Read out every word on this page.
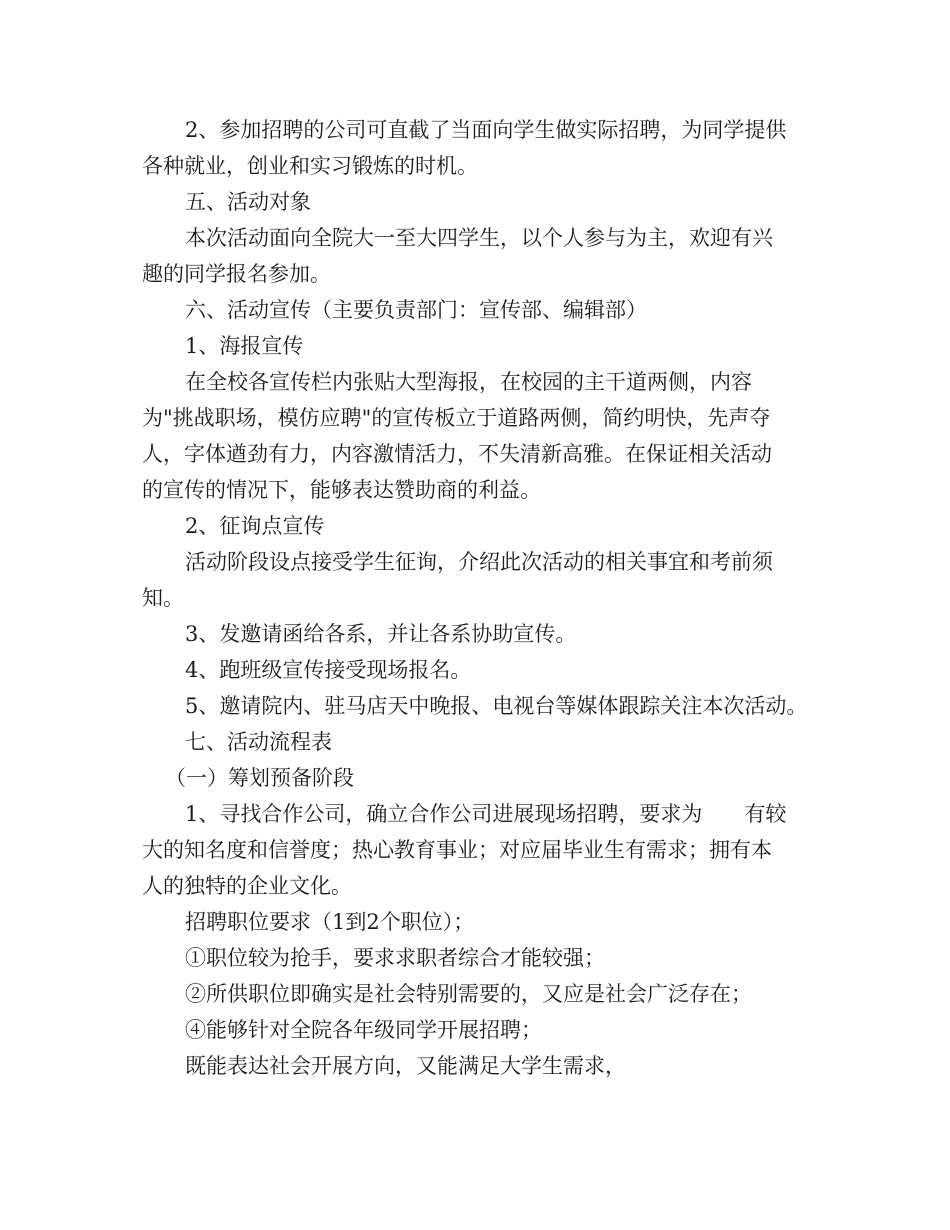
2、参加招聘的公司可直截了当面向学生做实际招聘，为同学提供
各种就业，创业和实习锻炼的时机。
五、活动对象
本次活动面向全院大一至大四学生，以个人参与为主，欢迎有兴
趣的同学报名参加。
六、活动宣传（主要负责部门：宣传部、编辑部）
1、海报宣传
在全校各宣传栏内张贴大型海报，在校园的主干道两侧，内容
为"挑战职场，模仿应聘"的宣传板立于道路两侧，简约明快，先声夺
人，字体遒劲有力，内容激情活力，不失清新高雅。在保证相关活动
的宣传的情况下，能够表达赞助商的利益。
2、征询点宣传
活动阶段设点接受学生征询，介绍此次活动的相关事宜和考前须
知。
3、发邀请函给各系，并让各系协助宣传。
4、跑班级宣传接受现场报名。
5、邀请院内、驻马店天中晚报、电视台等媒体跟踪关注本次活动。
七、活动流程表
（一）筹划预备阶段
1、寻找合作公司，确立合作公司进展现场招聘，要求为　　有较
大的知名度和信誉度；热心教育事业；对应届毕业生有需求；拥有本
人的独特的企业文化。
招聘职位要求（1到2个职位）；
①职位较为抢手，要求求职者综合才能较强；
②所供职位即确实是社会特别需要的，又应是社会广泛存在；
④能够针对全院各年级同学开展招聘；
既能表达社会开展方向，又能满足大学生需求，
